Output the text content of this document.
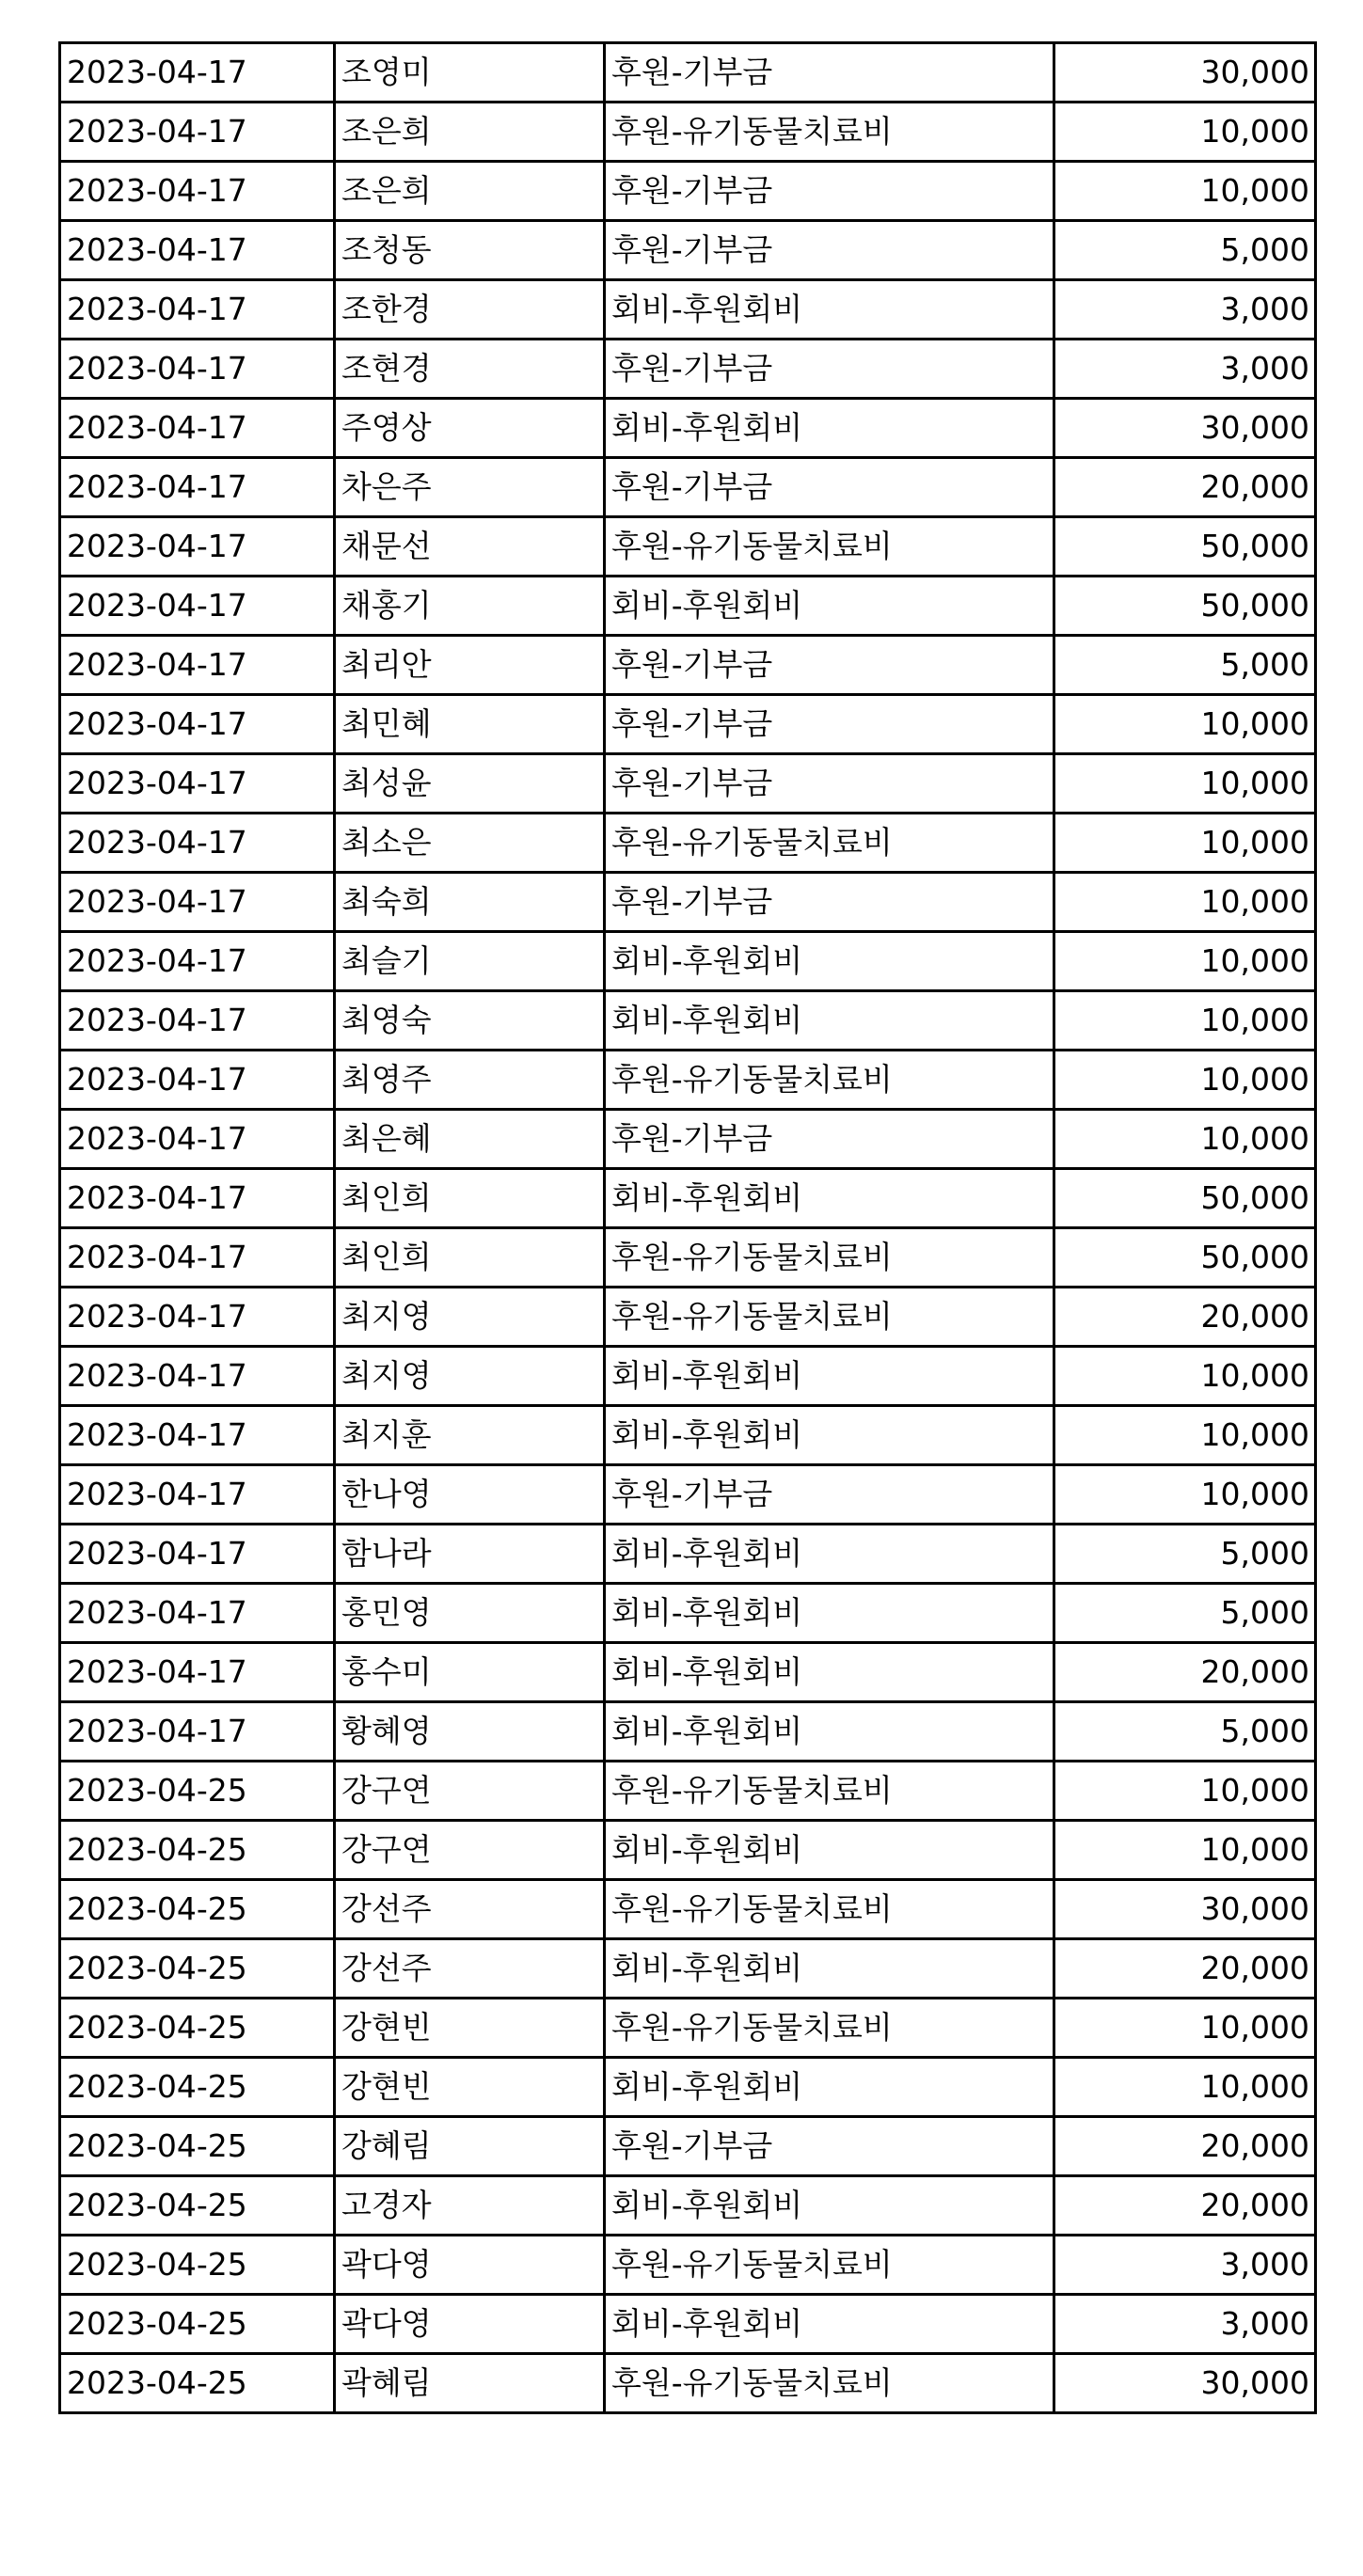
2023-04-17	조영미	후원-기부금	30,000
2023-04-17	조은희	후원-유기동물치료비	10,000
2023-04-17	조은희	후원-기부금	10,000
2023-04-17	조청동	후원-기부금	5,000
2023-04-17	조한경	회비-후원회비	3,000
2023-04-17	조현경	후원-기부금	3,000
2023-04-17	주영상	회비-후원회비	30,000
2023-04-17	차은주	후원-기부금	20,000
2023-04-17	채문선	후원-유기동물치료비	50,000
2023-04-17	채홍기	회비-후원회비	50,000
2023-04-17	최리안	후원-기부금	5,000
2023-04-17	최민혜	후원-기부금	10,000
2023-04-17	최성윤	후원-기부금	10,000
2023-04-17	최소은	후원-유기동물치료비	10,000
2023-04-17	최숙희	후원-기부금	10,000
2023-04-17	최슬기	회비-후원회비	10,000
2023-04-17	최영숙	회비-후원회비	10,000
2023-04-17	최영주	후원-유기동물치료비	10,000
2023-04-17	최은혜	후원-기부금	10,000
2023-04-17	최인희	회비-후원회비	50,000
2023-04-17	최인희	후원-유기동물치료비	50,000
2023-04-17	최지영	후원-유기동물치료비	20,000
2023-04-17	최지영	회비-후원회비	10,000
2023-04-17	최지훈	회비-후원회비	10,000
2023-04-17	한나영	후원-기부금	10,000
2023-04-17	함나라	회비-후원회비	5,000
2023-04-17	홍민영	회비-후원회비	5,000
2023-04-17	홍수미	회비-후원회비	20,000
2023-04-17	황혜영	회비-후원회비	5,000
2023-04-25	강구연	후원-유기동물치료비	10,000
2023-04-25	강구연	회비-후원회비	10,000
2023-04-25	강선주	후원-유기동물치료비	30,000
2023-04-25	강선주	회비-후원회비	20,000
2023-04-25	강현빈	후원-유기동물치료비	10,000
2023-04-25	강현빈	회비-후원회비	10,000
2023-04-25	강혜림	후원-기부금	20,000
2023-04-25	고경자	회비-후원회비	20,000
2023-04-25	곽다영	후원-유기동물치료비	3,000
2023-04-25	곽다영	회비-후원회비	3,000
2023-04-25	곽혜림	후원-유기동물치료비	30,000
